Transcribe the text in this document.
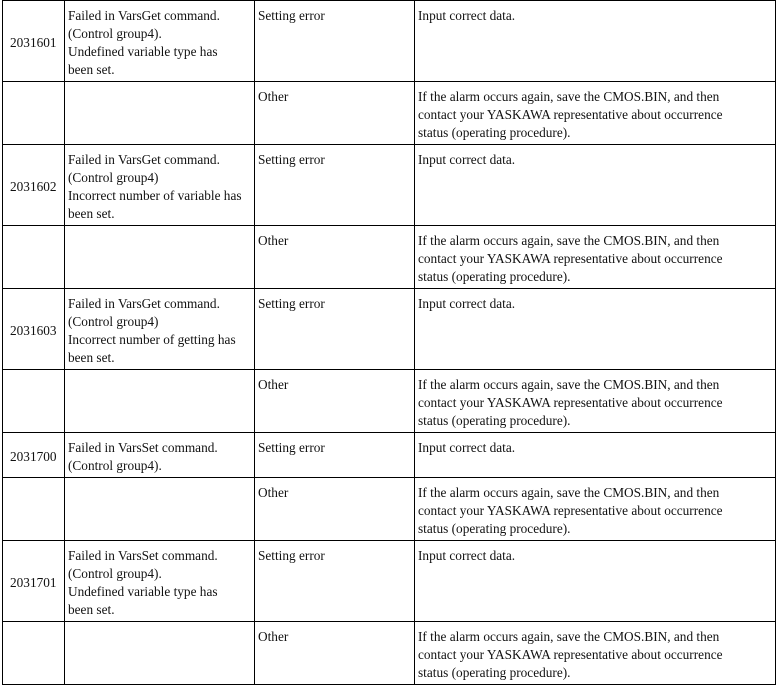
2031601	Failed in VarsGet command.
(Control group4).
Undefined variable type has
been set.	Setting error	Input correct data.

		Other	If the alarm occurs again, save the CMOS.BIN, and then
contact your YASKAWA representative about occurrence
status (operating procedure).

2031602	Failed in VarsGet command.
(Control group4)
Incorrect number of variable has
been set.	Setting error	Input correct data.

		Other	If the alarm occurs again, save the CMOS.BIN, and then
contact your YASKAWA representative about occurrence
status (operating procedure).

2031603	Failed in VarsGet command.
(Control group4)
Incorrect number of getting has
been set.	Setting error	Input correct data.

		Other	If the alarm occurs again, save the CMOS.BIN, and then
contact your YASKAWA representative about occurrence
status (operating procedure).

2031700	Failed in VarsSet command.
(Control group4).	Setting error	Input correct data.

		Other	If the alarm occurs again, save the CMOS.BIN, and then
contact your YASKAWA representative about occurrence
status (operating procedure).

2031701	Failed in VarsSet command.
(Control group4).
Undefined variable type has
been set.	Setting error	Input correct data.

		Other	If the alarm occurs again, save the CMOS.BIN, and then
contact your YASKAWA representative about occurrence
status (operating procedure).
